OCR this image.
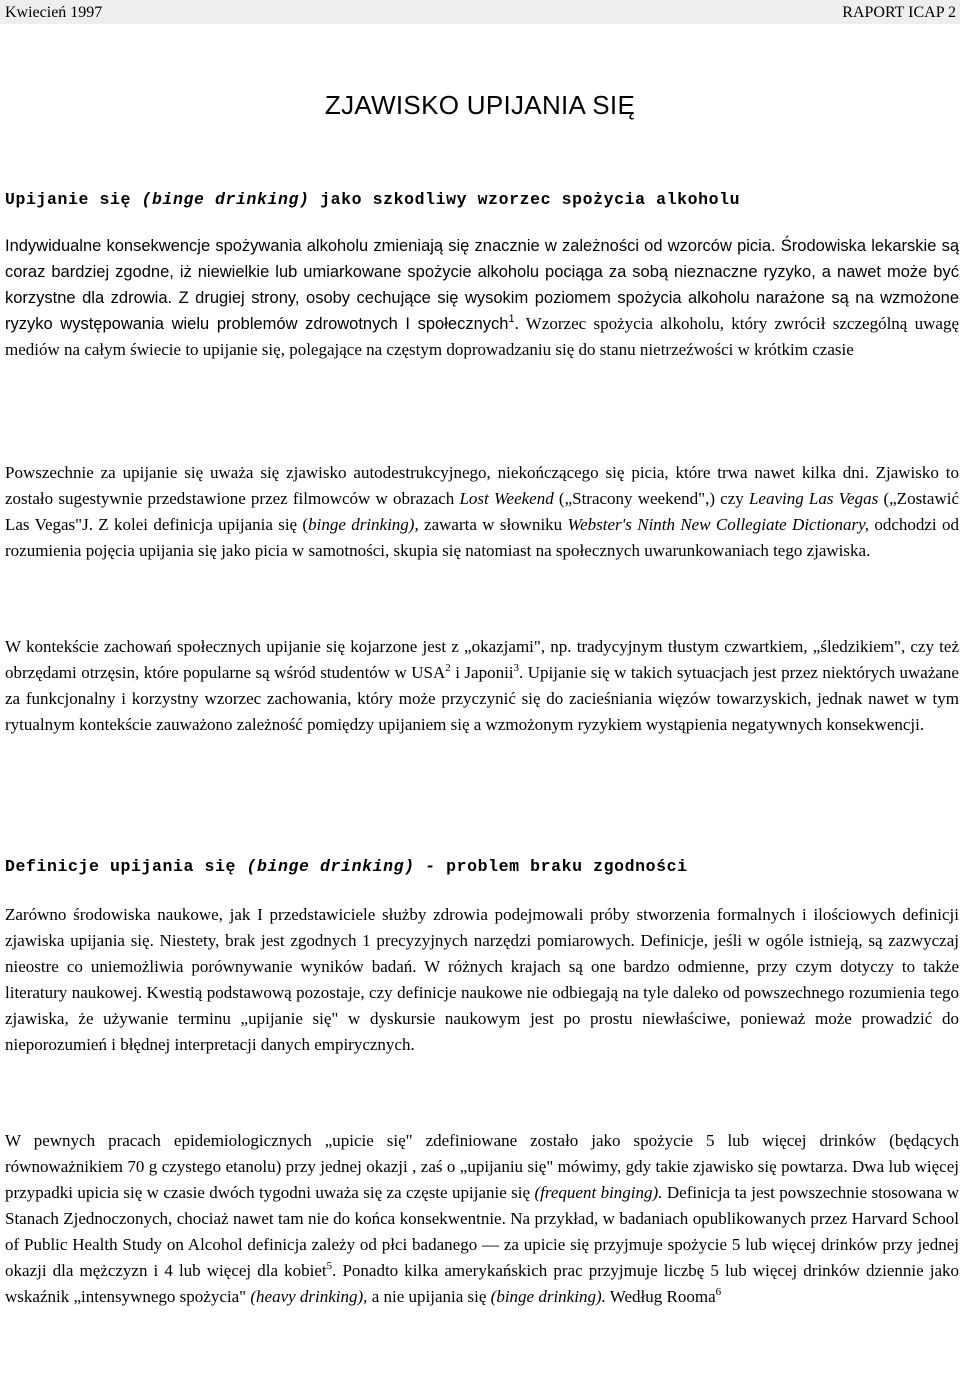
Kwiecień 1997	RAPORT ICAP 2
ZJAWISKO UPIJANIA SIĘ
Upijanie się (binge drinking) jako szkodliwy wzorzec spożycia alkoholu

Indywidualne konsekwencje spożywania alkoholu zmieniają się znacznie w zależności od wzorców picia. Środowiska lekarskie są coraz bardziej zgodne, iż niewielkie lub umiarkowane spożycie alkoholu pociąga za sobą nieznaczne ryzyko, a nawet może być korzystne dla zdrowia. Z drugiej strony, osoby cechujące się wysokim poziomem spożycia alkoholu narażone są na wzmożone ryzyko występowania wielu problemów zdrowotnych I społecznych$^1$. Wzorzec spożycia alkoholu, który zwrócił szczególną uwagę mediów na całym świecie to upijanie się, polegające na częstym doprowadzaniu się do stanu nietrzeźwości w krótkim czasie

Powszechnie za upijanie się uważa się zjawisko autodestrukcyjnego, niekończącego się picia, które trwa nawet kilka dni. Zjawisko to zostało sugestywnie przedstawione przez filmowców w obrazach Lost Weekend („Stracony weekend",) czy Leaving Las Vegas („Zostawić Las Vegas"J. Z kolei definicja upijania się (binge drinking), zawarta w słowniku Webster's Ninth New Collegiate Dictionary, odchodzi od rozumienia pojęcia upijania się jako picia w samotności, skupia się natomiast na społecznych uwarunkowaniach tego zjawiska.

W kontekście zachowań społecznych upijanie się kojarzone jest z „okazjami", np. tradycyjnym tłustym czwartkiem, „śledzikiem", czy też obrzędami otrzęsin, które popularne są wśród studentów w USA$^2$ i Japonii$^3$. Upijanie się w takich sytuacjach jest przez niektórych uważane za funkcjonalny i korzystny wzorzec zachowania, który może przyczynić się do zacieśniania więzów towarzyskich, jednak nawet w tym rytualnym kontekście zauważono zależność pomiędzy upijaniem się a wzmożonym ryzykiem wystąpienia negatywnych konsekwencji.

Definicje upijania się (binge drinking) - problem braku zgodności

Zarówno środowiska naukowe, jak I przedstawiciele służby zdrowia podejmowali próby stworzenia formalnych i ilościowych definicji zjawiska upijania się. Niestety, brak jest zgodnych 1 precyzyjnych narzędzi pomiarowych. Definicje, jeśli w ogóle istnieją, są zazwyczaj nieostre co uniemożliwia porównywanie wyników badań. W różnych krajach są one bardzo odmienne, przy czym dotyczy to także literatury naukowej. Kwestią podstawową pozostaje, czy definicje naukowe nie odbiegają na tyle daleko od powszechnego rozumienia tego zjawiska, że używanie terminu „upijanie się" w dyskursie naukowym jest po prostu niewłaściwe, ponieważ może prowadzić do nieporozumień i błędnej interpretacji danych empirycznych.

W pewnych pracach epidemiologicznych „upicie się" zdefiniowane zostało jako spożycie 5 lub więcej drinków (będących równoważnikiem 70 g czystego etanolu) przy jednej okazji , zaś o „upijaniu się" mówimy, gdy takie zjawisko się powtarza. Dwa lub więcej przypadki upicia się w czasie dwóch tygodni uważa się za częste upijanie się (frequent binging). Definicja ta jest powszechnie stosowana w Stanach Zjednoczonych, chociaż nawet tam nie do końca konsekwentnie. Na przykład, w badaniach opublikowanych przez Harvard School of Public Health Study on Alcohol definicja zależy od płci badanego — za upicie się przyjmuje spożycie 5 lub więcej drinków przy jednej okazji dla mężczyzn i 4 lub więcej dla kobiet$^5$. Ponadto kilka amerykańskich prac przyjmuje liczbę 5 lub więcej drinków dziennie jako wskaźnik „intensywnego spożycia" (heavy drinking), a nie upijania się (binge drinking). Według Rooma$^6$
